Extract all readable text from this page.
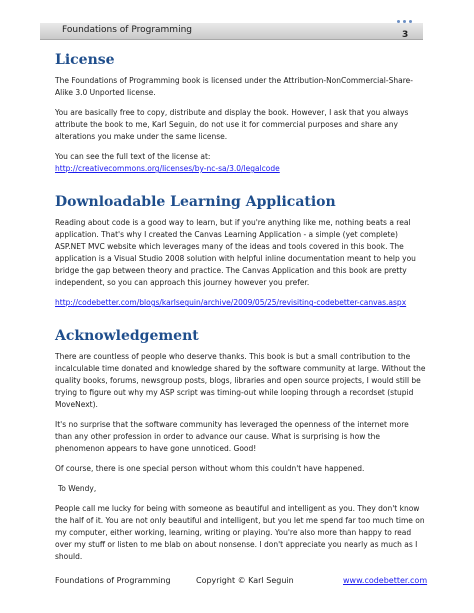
Foundations of Programming	3
License

The Foundations of Programming book is licensed under the Attribution-NonCommercial-Share-Alike 3.0 Unported license.

You are basically free to copy, distribute and display the book. However, I ask that you always attribute the book to me, Karl Seguin, do not use it for commercial purposes and share any alterations you make under the same license.

You can see the full text of the license at:

http://creativecommons.org/licenses/by-nc-sa/3.0/legalcode

Downloadable Learning Application

Reading about code is a good way to learn, but if you're anything like me, nothing beats a real application. That's why I created the Canvas Learning Application - a simple (yet complete) ASP.NET MVC website which leverages many of the ideas and tools covered in this book. The application is a Visual Studio 2008 solution with helpful inline documentation meant to help you bridge the gap between theory and practice. The Canvas Application and this book are pretty independent, so you can approach this journey however you prefer.

http://codebetter.com/blogs/karlseguin/archive/2009/05/25/revisiting-codebetter-canvas.aspx

Acknowledgement

There are countless of people who deserve thanks. This book is but a small contribution to the incalculable time donated and knowledge shared by the software community at large. Without the quality books, forums, newsgroup posts, blogs, libraries and open source projects, I would still be trying to figure out why my ASP script was timing-out while looping through a recordset (stupid MoveNext).

It's no surprise that the software community has leveraged the openness of the internet more than any other profession in order to advance our cause. What is surprising is how the phenomenon appears to have gone unnoticed. Good!

Of course, there is one special person without whom this couldn't have happened.

To Wendy,

People call me lucky for being with someone as beautiful and intelligent as you. They don't know the half of it. You are not only beautiful and intelligent, but you let me spend far too much time on my computer, either working, learning, writing or playing. You're also more than happy to read over my stuff or listen to me blab on about nonsense. I don't appreciate you nearly as much as I should.

Foundations of Programming	Copyright © Karl Seguin	www.codebetter.com
